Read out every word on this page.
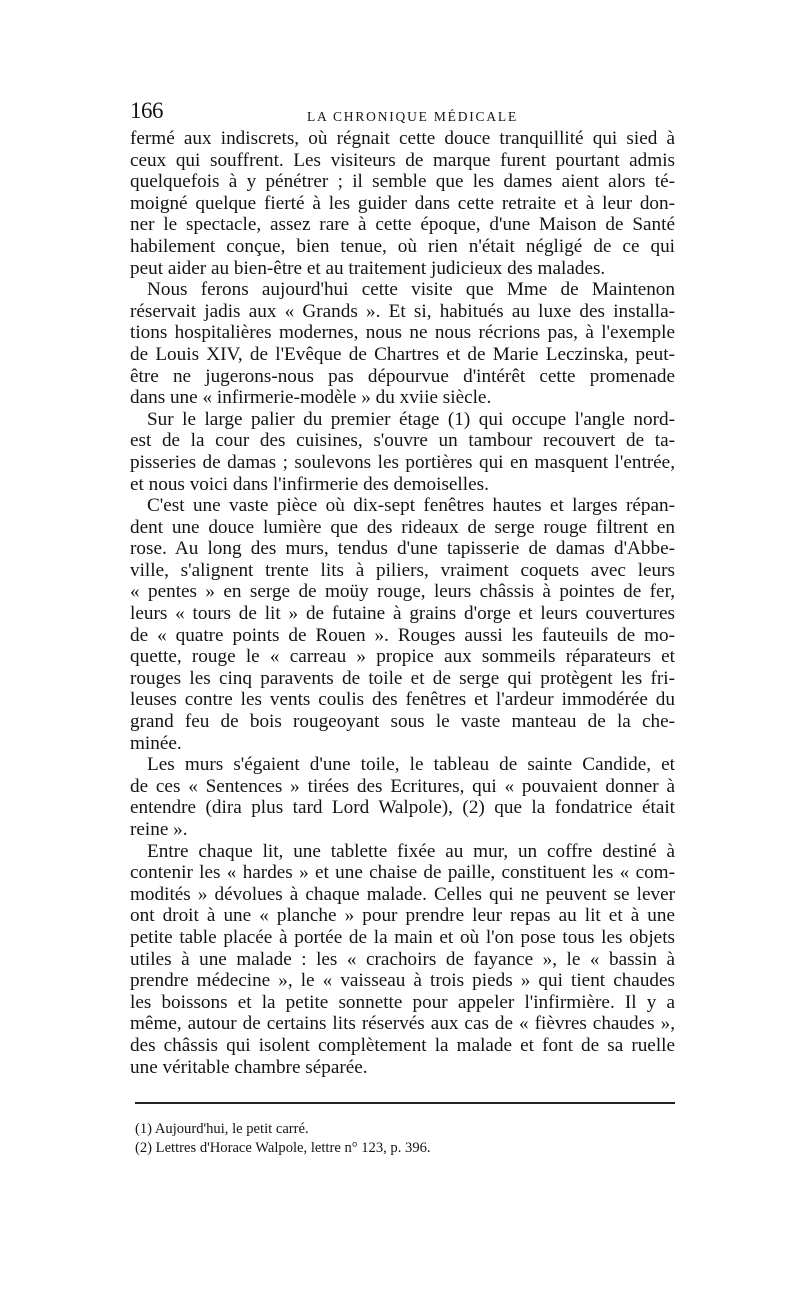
166	LA CHRONIQUE MÉDICALE
fermé aux indiscrets, où régnait cette douce tranquillité qui sied à
ceux qui souffrent. Les visiteurs de marque furent pourtant admis
quelquefois à y pénétrer ; il semble que les dames aient alors té-
moigné quelque fierté à les guider dans cette retraite et à leur don-
ner le spectacle, assez rare à cette époque, d'une Maison de Santé
habilement conçue, bien tenue, où rien n'était négligé de ce qui
peut aider au bien-être et au traitement judicieux des malades.
Nous ferons aujourd'hui cette visite que Mme de Maintenon
réservait jadis aux « Grands ». Et si, habitués au luxe des installa-
tions hospitalières modernes, nous ne nous récrions pas, à l'exemple
de Louis XIV, de l'Evêque de Chartres et de Marie Leczinska, peut-
être ne jugerons-nous pas dépourvue d'intérêt cette promenade
dans une « infirmerie-modèle » du xviie siècle.
Sur le large palier du premier étage (1) qui occupe l'angle nord-
est de la cour des cuisines, s'ouvre un tambour recouvert de ta-
pisseries de damas ; soulevons les portières qui en masquent l'entrée,
et nous voici dans l'infirmerie des demoiselles.
C'est une vaste pièce où dix-sept fenêtres hautes et larges répan-
dent une douce lumière que des rideaux de serge rouge filtrent en
rose. Au long des murs, tendus d'une tapisserie de damas d'Abbe-
ville, s'alignent trente lits à piliers, vraiment coquets avec leurs
« pentes » en serge de moüy rouge, leurs châssis à pointes de fer,
leurs « tours de lit » de futaine à grains d'orge et leurs couvertures
de « quatre points de Rouen ». Rouges aussi les fauteuils de mo-
quette, rouge le « carreau » propice aux sommeils réparateurs et
rouges les cinq paravents de toile et de serge qui protègent les fri-
leuses contre les vents coulis des fenêtres et l'ardeur immodérée du
grand feu de bois rougeoyant sous le vaste manteau de la che-
minée.
Les murs s'égaient d'une toile, le tableau de sainte Candide, et
de ces « Sentences » tirées des Ecritures, qui « pouvaient donner à
entendre (dira plus tard Lord Walpole), (2) que la fondatrice était
reine ».
Entre chaque lit, une tablette fixée au mur, un coffre destiné à
contenir les « hardes » et une chaise de paille, constituent les « com-
modités » dévolues à chaque malade. Celles qui ne peuvent se lever
ont droit à une « planche » pour prendre leur repas au lit et à une
petite table placée à portée de la main et où l'on pose tous les objets
utiles à une malade : les « crachoirs de fayance », le « bassin à
prendre médecine », le « vaisseau à trois pieds » qui tient chaudes
les boissons et la petite sonnette pour appeler l'infirmière. Il y a
même, autour de certains lits réservés aux cas de « fièvres chaudes »,
des châssis qui isolent complètement la malade et font de sa ruelle
une véritable chambre séparée.
(1) Aujourd'hui, le petit carré.
(2) Lettres d'Horace Walpole, lettre n° 123, p. 396.
